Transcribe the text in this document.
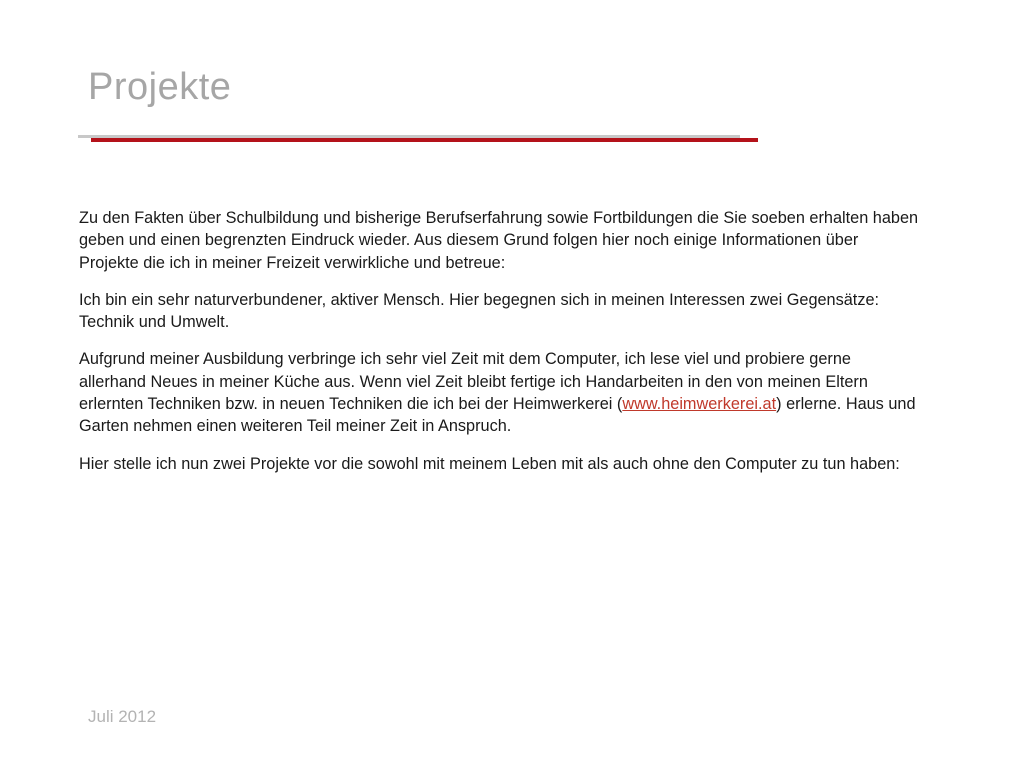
Projekte

Zu den Fakten über Schulbildung und bisherige Berufserfahrung sowie Fortbildungen die Sie soeben erhalten haben geben und einen begrenzten Eindruck wieder. Aus diesem Grund folgen hier noch einige Informationen über Projekte die ich in meiner Freizeit verwirkliche und betreue:

Ich bin ein sehr naturverbundener, aktiver Mensch. Hier begegnen sich in meinen Interessen zwei Gegensätze: Technik und Umwelt.

Aufgrund meiner Ausbildung verbringe ich sehr viel Zeit mit dem Computer, ich lese viel und probiere gerne allerhand Neues in meiner Küche aus. Wenn viel Zeit bleibt fertige ich Handarbeiten in den von meinen Eltern erlernten Techniken bzw. in neuen Techniken die ich bei der Heimwerkerei (www.heimwerkerei.at) erlerne. Haus und Garten nehmen einen weiteren Teil meiner Zeit in Anspruch.

Hier stelle ich nun zwei Projekte vor die sowohl mit meinem Leben mit als auch ohne den Computer zu tun haben:

Juli 2012
